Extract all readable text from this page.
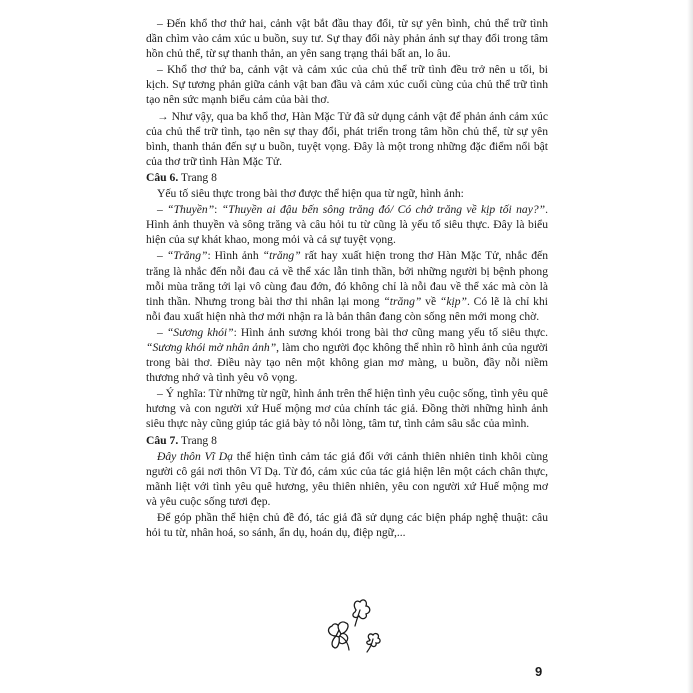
– Đến khổ thơ thứ hai, cảnh vật bắt đầu thay đổi, từ sự yên bình, chủ thể trữ tình dần chìm vào cảm xúc u buồn, suy tư. Sự thay đổi này phản ánh sự thay đổi trong tâm hồn chủ thể, từ sự thanh thản, an yên sang trạng thái bất an, lo âu.

– Khổ thơ thứ ba, cảnh vật và cảm xúc của chủ thể trữ tình đều trở nên u tối, bi kịch. Sự tương phản giữa cảnh vật ban đầu và cảm xúc cuối cùng của chủ thể trữ tình tạo nên sức mạnh biểu cảm của bài thơ.

→ Như vậy, qua ba khổ thơ, Hàn Mặc Tử đã sử dụng cảnh vật để phản ánh cảm xúc của chủ thể trữ tình, tạo nên sự thay đổi, phát triển trong tâm hồn chủ thể, từ sự yên bình, thanh thản đến sự u buồn, tuyệt vọng. Đây là một trong những đặc điểm nổi bật của thơ trữ tình Hàn Mặc Tử.

Câu 6. Trang 8

Yếu tố siêu thực trong bài thơ được thể hiện qua từ ngữ, hình ảnh:

– “Thuyền”: “Thuyền ai đậu bến sông trăng đó/ Có chở trăng về kịp tối nay?”. Hình ảnh thuyền và sông trăng và câu hỏi tu từ cũng là yếu tố siêu thực. Đây là biểu hiện của sự khát khao, mong mỏi và cả sự tuyệt vọng.

– “Trăng”: Hình ảnh “trăng” rất hay xuất hiện trong thơ Hàn Mặc Tử, nhắc đến trăng là nhắc đến nỗi đau cả về thể xác lẫn tinh thần, bởi những người bị bệnh phong mỗi mùa trăng tới lại vô cùng đau đớn, đó không chỉ là nỗi đau về thể xác mà còn là tinh thần. Nhưng trong bài thơ thi nhân lại mong “trăng” về “kịp”. Có lẽ là chỉ khi nỗi đau xuất hiện nhà thơ mới nhận ra là bản thân đang còn sống nên mới mong chờ.

– “Sương khói”: Hình ảnh sương khói trong bài thơ cũng mang yếu tố siêu thực. “Sương khói mờ nhân ảnh”, làm cho người đọc không thể nhìn rõ hình ảnh của người trong bài thơ. Điều này tạo nên một không gian mơ màng, u buồn, đầy nỗi niềm thương nhớ và tình yêu vô vọng.

– Ý nghĩa: Từ những từ ngữ, hình ảnh trên thể hiện tình yêu cuộc sống, tình yêu quê hương và con người xứ Huế mộng mơ của chính tác giả. Đồng thời những hình ảnh siêu thực này cũng giúp tác giả bày tỏ nỗi lòng, tâm tư, tình cảm sâu sắc của mình.

Câu 7. Trang 8

Đây thôn Vĩ Dạ thể hiện tình cảm tác giả đối với cảnh thiên nhiên tinh khôi cùng người cô gái nơi thôn Vĩ Dạ. Từ đó, cảm xúc của tác giả hiện lên một cách chân thực, mãnh liệt với tình yêu quê hương, yêu thiên nhiên, yêu con người xứ Huế mộng mơ và yêu cuộc sống tươi đẹp.

Để góp phần thể hiện chủ đề đó, tác giả đã sử dụng các biện pháp nghệ thuật: câu hỏi tu từ, nhân hoá, so sánh, ẩn dụ, hoán dụ, điệp ngữ,...

9
